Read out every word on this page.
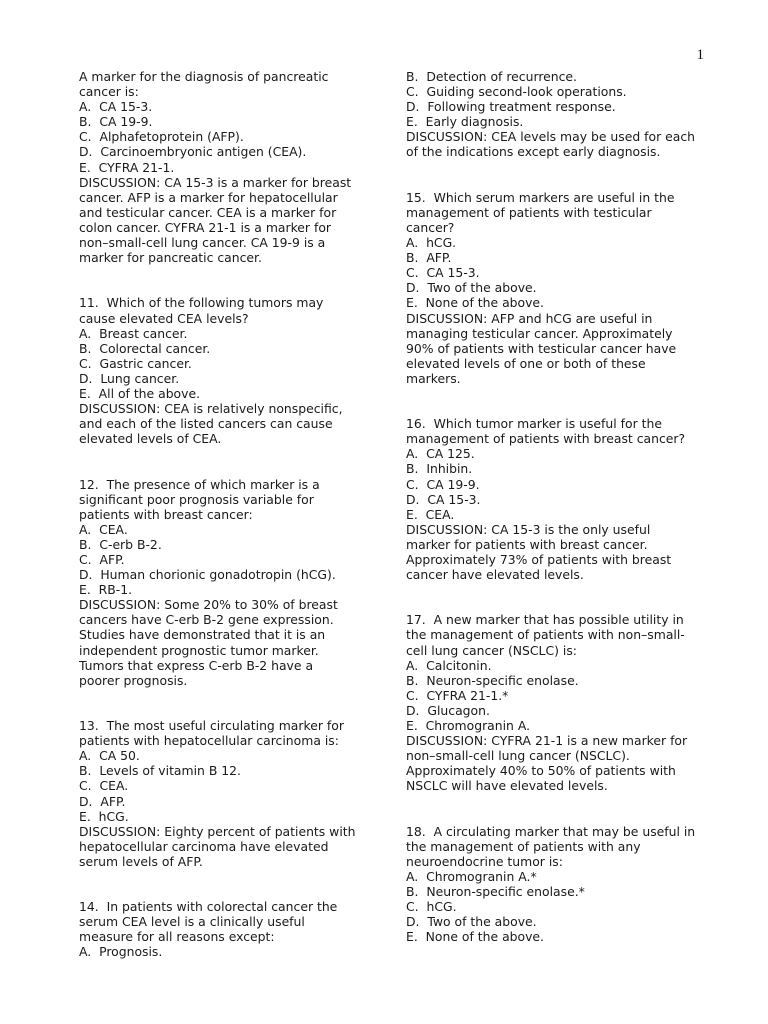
1
A marker for the diagnosis of pancreatic
cancer is:
A.  CA 15-3.
B.  CA 19-9.
C.  Alphafetoprotein (AFP).
D.  Carcinoembryonic antigen (CEA).
E.  CYFRA 21-1.
DISCUSSION: CA 15-3 is a marker for breast
cancer. AFP is a marker for hepatocellular
and testicular cancer. CEA is a marker for
colon cancer. CYFRA 21-1 is a marker for
non–small-cell lung cancer. CA 19-9 is a
marker for pancreatic cancer.
11.  Which of the following tumors may
cause elevated CEA levels?
A.  Breast cancer.
B.  Colorectal cancer.
C.  Gastric cancer.
D.  Lung cancer.
E.  All of the above.
DISCUSSION: CEA is relatively nonspecific,
and each of the listed cancers can cause
elevated levels of CEA.
12.  The presence of which marker is a
significant poor prognosis variable for
patients with breast cancer:
A.  CEA.
B.  C-erb B-2.
C.  AFP.
D.  Human chorionic gonadotropin (hCG).
E.  RB-1.
DISCUSSION: Some 20% to 30% of breast
cancers have C-erb B-2 gene expression.
Studies have demonstrated that it is an
independent prognostic tumor marker.
Tumors that express C-erb B-2 have a
poorer prognosis.
13.  The most useful circulating marker for
patients with hepatocellular carcinoma is:
A.  CA 50.
B.  Levels of vitamin B 12.
C.  CEA.
D.  AFP.
E.  hCG.
DISCUSSION: Eighty percent of patients with
hepatocellular carcinoma have elevated
serum levels of AFP.
14.  In patients with colorectal cancer the
serum CEA level is a clinically useful
measure for all reasons except:
A.  Prognosis.
B.  Detection of recurrence.
C.  Guiding second-look operations.
D.  Following treatment response.
E.  Early diagnosis.
DISCUSSION: CEA levels may be used for each
of the indications except early diagnosis.
15.  Which serum markers are useful in the
management of patients with testicular
cancer?
A.  hCG.
B.  AFP.
C.  CA 15-3.
D.  Two of the above.
E.  None of the above.
DISCUSSION: AFP and hCG are useful in
managing testicular cancer. Approximately
90% of patients with testicular cancer have
elevated levels of one or both of these
markers.
16.  Which tumor marker is useful for the
management of patients with breast cancer?
A.  CA 125.
B.  Inhibin.
C.  CA 19-9.
D.  CA 15-3.
E.  CEA.
DISCUSSION: CA 15-3 is the only useful
marker for patients with breast cancer.
Approximately 73% of patients with breast
cancer have elevated levels.
17.  A new marker that has possible utility in
the management of patients with non–small-
cell lung cancer (NSCLC) is:
A.  Calcitonin.
B.  Neuron-specific enolase.
C.  CYFRA 21-1.*
D.  Glucagon.
E.  Chromogranin A.
DISCUSSION: CYFRA 21-1 is a new marker for
non–small-cell lung cancer (NSCLC).
Approximately 40% to 50% of patients with
NSCLC will have elevated levels.
18.  A circulating marker that may be useful in
the management of patients with any
neuroendocrine tumor is:
A.  Chromogranin A.*
B.  Neuron-specific enolase.*
C.  hCG.
D.  Two of the above.
E.  None of the above.
